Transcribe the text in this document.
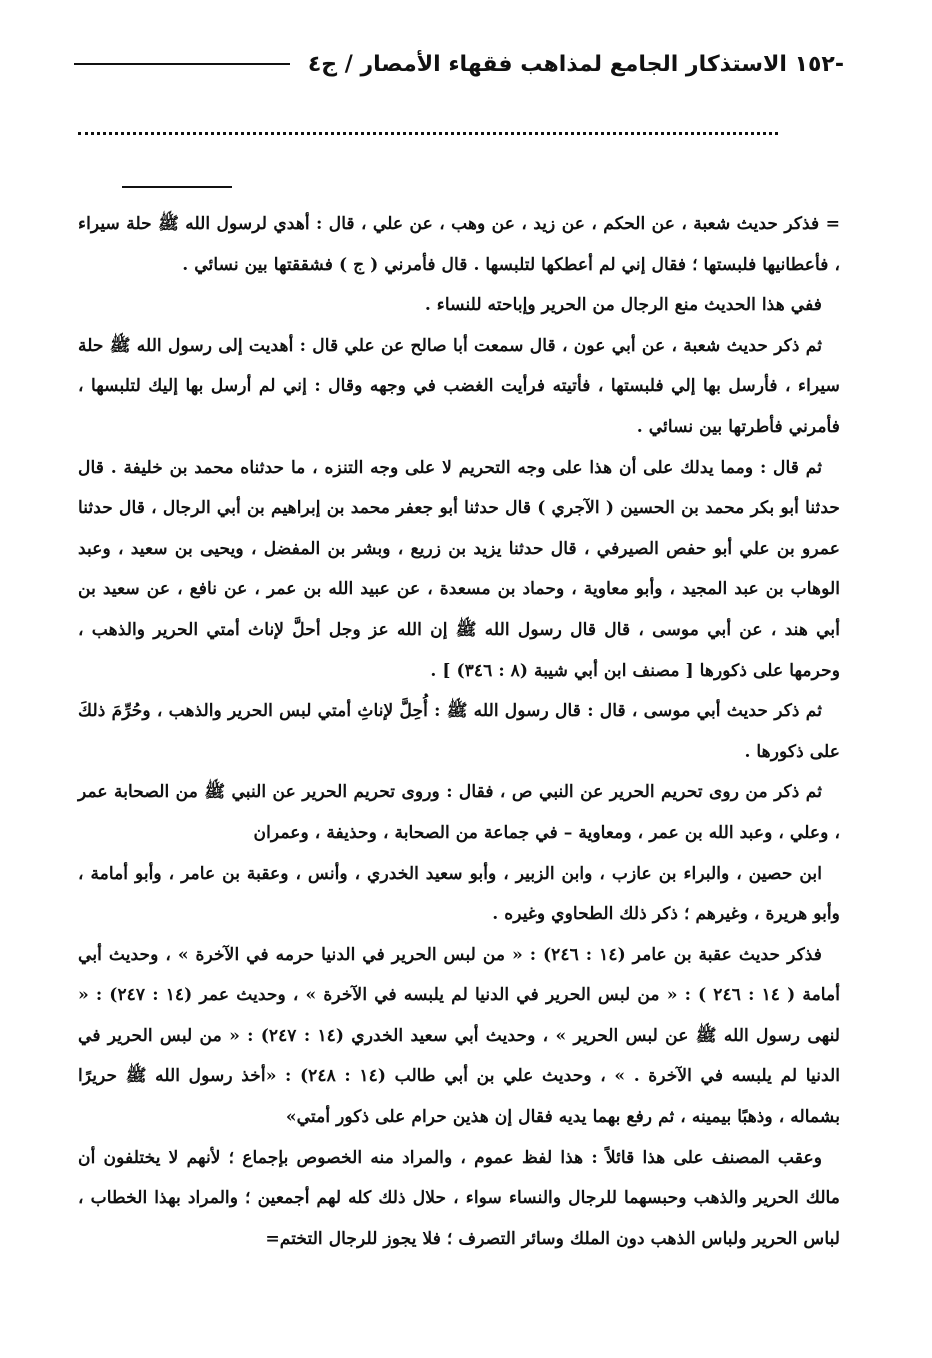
-١٥٢ الاستذكار الجامع لمذاهب فقهاء الأمصار / ج٤

= فذكر حديث شعبة ، عن الحكم ، عن زيد ، عن وهب ، عن علي ، قال : أهدي لرسول الله ﷺ حلة سيراء ، فأعطانيها فلبستها ؛ فقال إني لم أعطكها لتلبسها . قال فأمرني ( ج ) فشققتها بين نسائي .

ففي هذا الحديث منع الرجال من الحرير وإباحته للنساء .

ثم ذكر حديث شعبة ، عن أبي عون ، قال سمعت أبا صالح عن علي قال : أهديت إلى رسول الله ﷺ حلة سيراء ، فأرسل بها إلي فلبستها ، فأتيته فرأيت الغضب في وجهه وقال : إني لم أرسل بها إليك لتلبسها ، فأمرني فأطرتها بين نسائي .

ثم قال : ومما يدلك على أن هذا على وجه التحريم لا على وجه التنزه ، ما حدثناه محمد بن خليفة . قال حدثنا أبو بكر محمد بن الحسين ( الآجري ) قال حدثنا أبو جعفر محمد بن إبراهيم بن أبي الرجال ، قال حدثنا عمرو بن علي أبو حفص الصيرفي ، قال حدثنا يزيد بن زريع ، وبشر بن المفضل ، ويحيى بن سعيد ، وعبد الوهاب بن عبد المجيد ، وأبو معاوية ، وحماد بن مسعدة ، عن عبيد الله بن عمر ، عن نافع ، عن سعيد بن أبي هند ، عن أبي موسى ، قال قال رسول الله ﷺ إن الله عز وجل أحلَّ لإناث أمتي الحرير والذهب ، وحرمها على ذكورها [ مصنف ابن أبي شيبة (٨ : ٣٤٦) ] .

ثم ذكر حديث أبي موسى ، قال : قال رسول الله ﷺ : أُحِلَّ لإناثِ أمتي لبس الحرير والذهب ، وحُرِّمَ ذلكَ على ذكورها .

ثم ذكر من روى تحريم الحرير عن النبي ص ، فقال : وروى تحريم الحرير عن النبي ﷺ من الصحابة عمر ، وعلي ، وعبد الله بن عمر ، ومعاوية – في جماعة من الصحابة ، وحذيفة ، وعمران

ابن حصين ، والبراء بن عازب ، وابن الزبير ، وأبو سعيد الخدري ، وأنس ، وعقبة بن عامر ، وأبو أمامة ، وأبو هريرة ، وغيرهم ؛ ذكر ذلك الطحاوي وغيره .

فذكر حديث عقبة بن عامر (١٤ : ٢٤٦) : « من لبس الحرير في الدنيا حرمه في الآخرة » ، وحديث أبي أمامة ( ١٤ : ٢٤٦ ) : « من لبس الحرير في الدنيا لم يلبسه في الآخرة » ، وحديث عمر (١٤ : ٢٤٧) : « لنهى رسول الله ﷺ عن لبس الحرير » ، وحديث أبي سعيد الخدري (١٤ : ٢٤٧) : « من لبس الحرير في الدنيا لم يلبسه في الآخرة . » ، وحديث علي بن أبي طالب (١٤ : ٢٤٨) : «أخذ رسول الله ﷺ حريرًا بشماله ، وذهبًا بيمينه ، ثم رفع بهما يديه فقال إن هذين حرام على ذكور أمتي»

وعقب المصنف على هذا قائلاً : هذا لفظ عموم ، والمراد منه الخصوص بإجماع ؛ لأنهم لا يختلفون أن مالك الحرير والذهب وحبسهما للرجال والنساء سواء ، حلال ذلك كله لهم أجمعين ؛ والمراد بهذا الخطاب ، لباس الحرير ولباس الذهب دون الملك وسائر التصرف ؛ فلا يجوز للرجال التختم=
